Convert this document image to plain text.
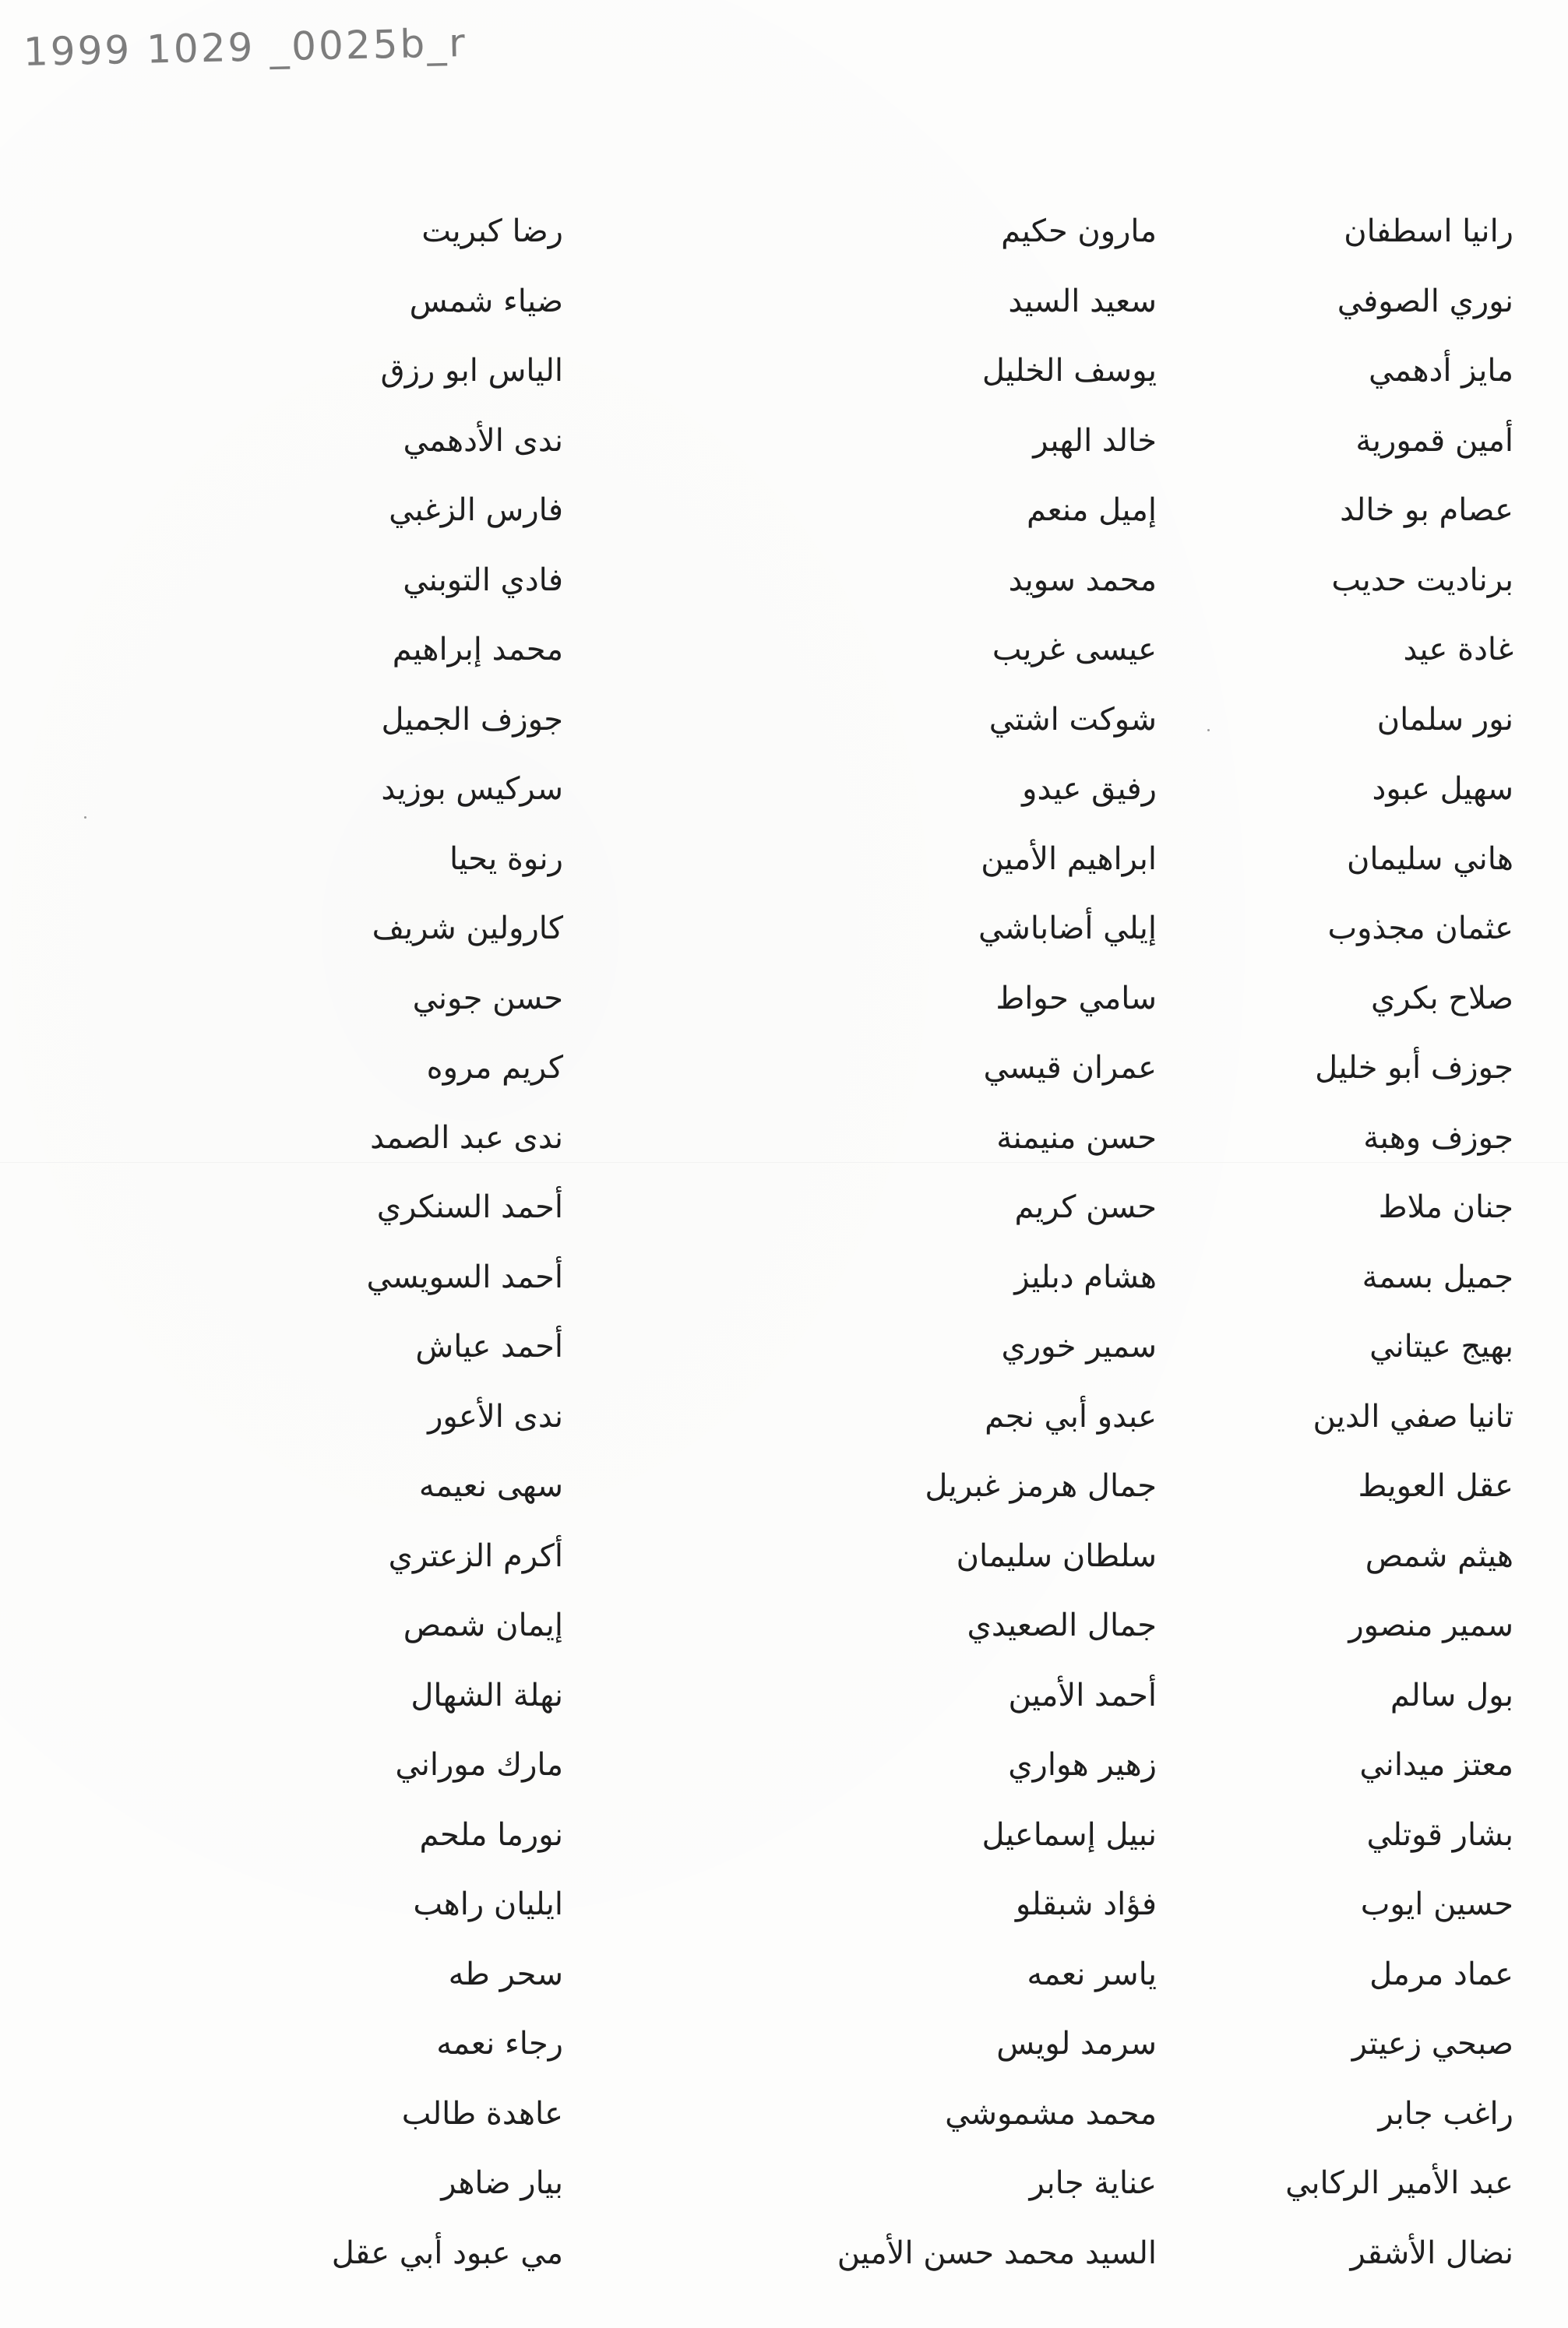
1999 1029 _0025b_r
رانيا اسطفان
نوري الصوفي
مايز أدهمي
أمين قمورية
عصام بو خالد
برناديت حديب
غادة عيد
نور سلمان
سهيل عبود
هاني سليمان
عثمان مجذوب
صلاح بكري
جوزف أبو خليل
جوزف وهبة
جنان ملاط
جميل بسمة
بهيج عيتاني
تانيا صفي الدين
عقل العويط
هيثم شمص
سمير منصور
بول سالم
معتز ميداني
بشار قوتلي
حسين ايوب
عماد مرمل
صبحي زعيتر
راغب جابر
عبد الأمير الركابي
نضال الأشقر
مارون حكيم
سعيد السيد
يوسف الخليل
خالد الهبر
إميل منعم
محمد سويد
عيسى غريب
شوكت اشتي
رفيق عيدو
ابراهيم الأمين
إيلي أضاباشي
سامي حواط
عمران قيسي
حسن منيمنة
حسن كريم
هشام دبليز
سمير خوري
عبدو أبي نجم
جمال هرمز غبريل
سلطان سليمان
جمال الصعيدي
أحمد الأمين
زهير هواري
نبيل إسماعيل
فؤاد شبقلو
ياسر نعمه
سرمد لويس
محمد مشموشي
عناية جابر
السيد محمد حسن الأمين
رضا كبريت
ضياء شمس
الياس ابو رزق
ندى الأدهمي
فارس الزغبي
فادي التوبني
محمد إبراهيم
جوزف الجميل
سركيس بوزيد
رنوة يحيا
كارولين شريف
حسن جوني
كريم مروه
ندى عبد الصمد
أحمد السنكري
أحمد السويسي
أحمد عياش
ندى الأعور
سهى نعيمه
أكرم الزعتري
إيمان شمص
نهلة الشهال
مارك موراني
نورما ملحم
ايليان راهب
سحر طه
رجاء نعمه
عاهدة طالب
بيار ضاهر
مي عبود أبي عقل
